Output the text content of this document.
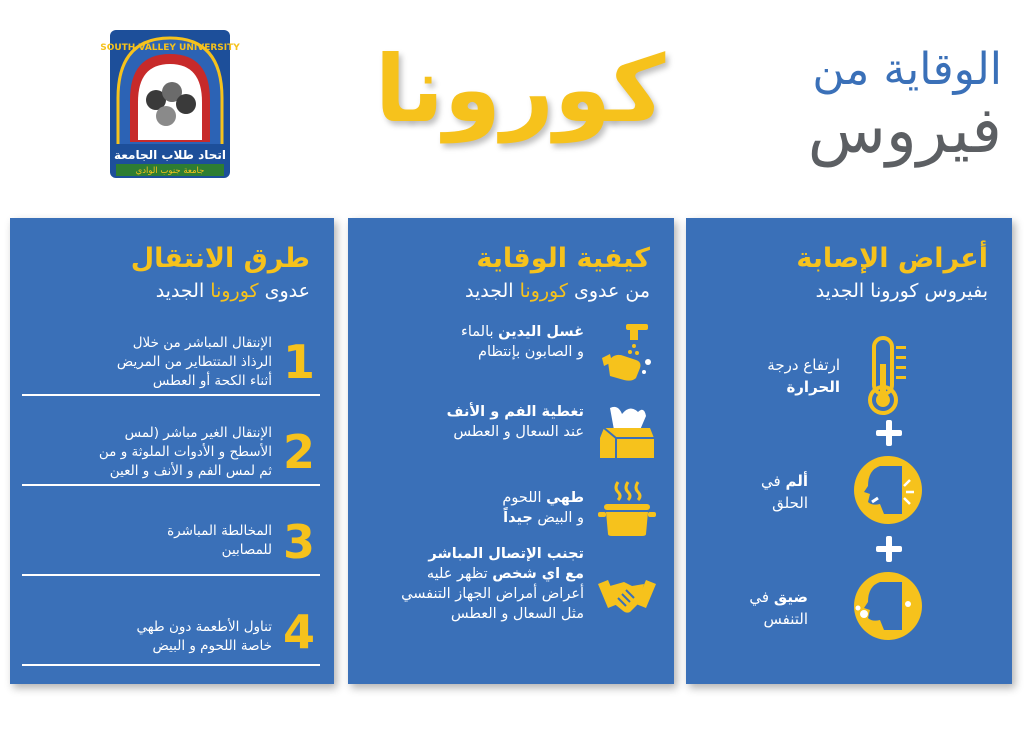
SOUTH VALLEY UNIVERSITY
اتحاد طلاب الجامعة
جامعة جنوب الوادي
كورونا	الوقاية من
فيروس
طرق الانتقال
عدوى كورونا الجديد
1
الإنتقال المباشر من خلال
الرذاذ المتتطاير من المريض
أثناء الكحة أو العطس
2
الإنتقال الغير مباشر (لمس
الأسطح و الأدوات الملوثة و من
ثم لمس الفم و الأنف و العين
3
المخالطة المباشرة
للمصابين
4
تناول الأطعمة دون طهي
خاصة اللحوم و البيض
كيفية الوقاية
من عدوى كورونا الجديد
غسل اليدين بالماء
و الصابون بإنتظام
تغطية الفم و الأنف
عند السعال و العطس
طهي اللحوم
و البيض جيداً
تجنب الإتصال المباشر
مع اي شخص تظهر عليه
أعراض أمراض الجهاز التنفسي
مثل السعال و العطس
أعراض الإصابة
بفيروس كورونا الجديد
ارتفاع درجة
الحرارة
ألم في
الحلق
ضيق في
التنفس
